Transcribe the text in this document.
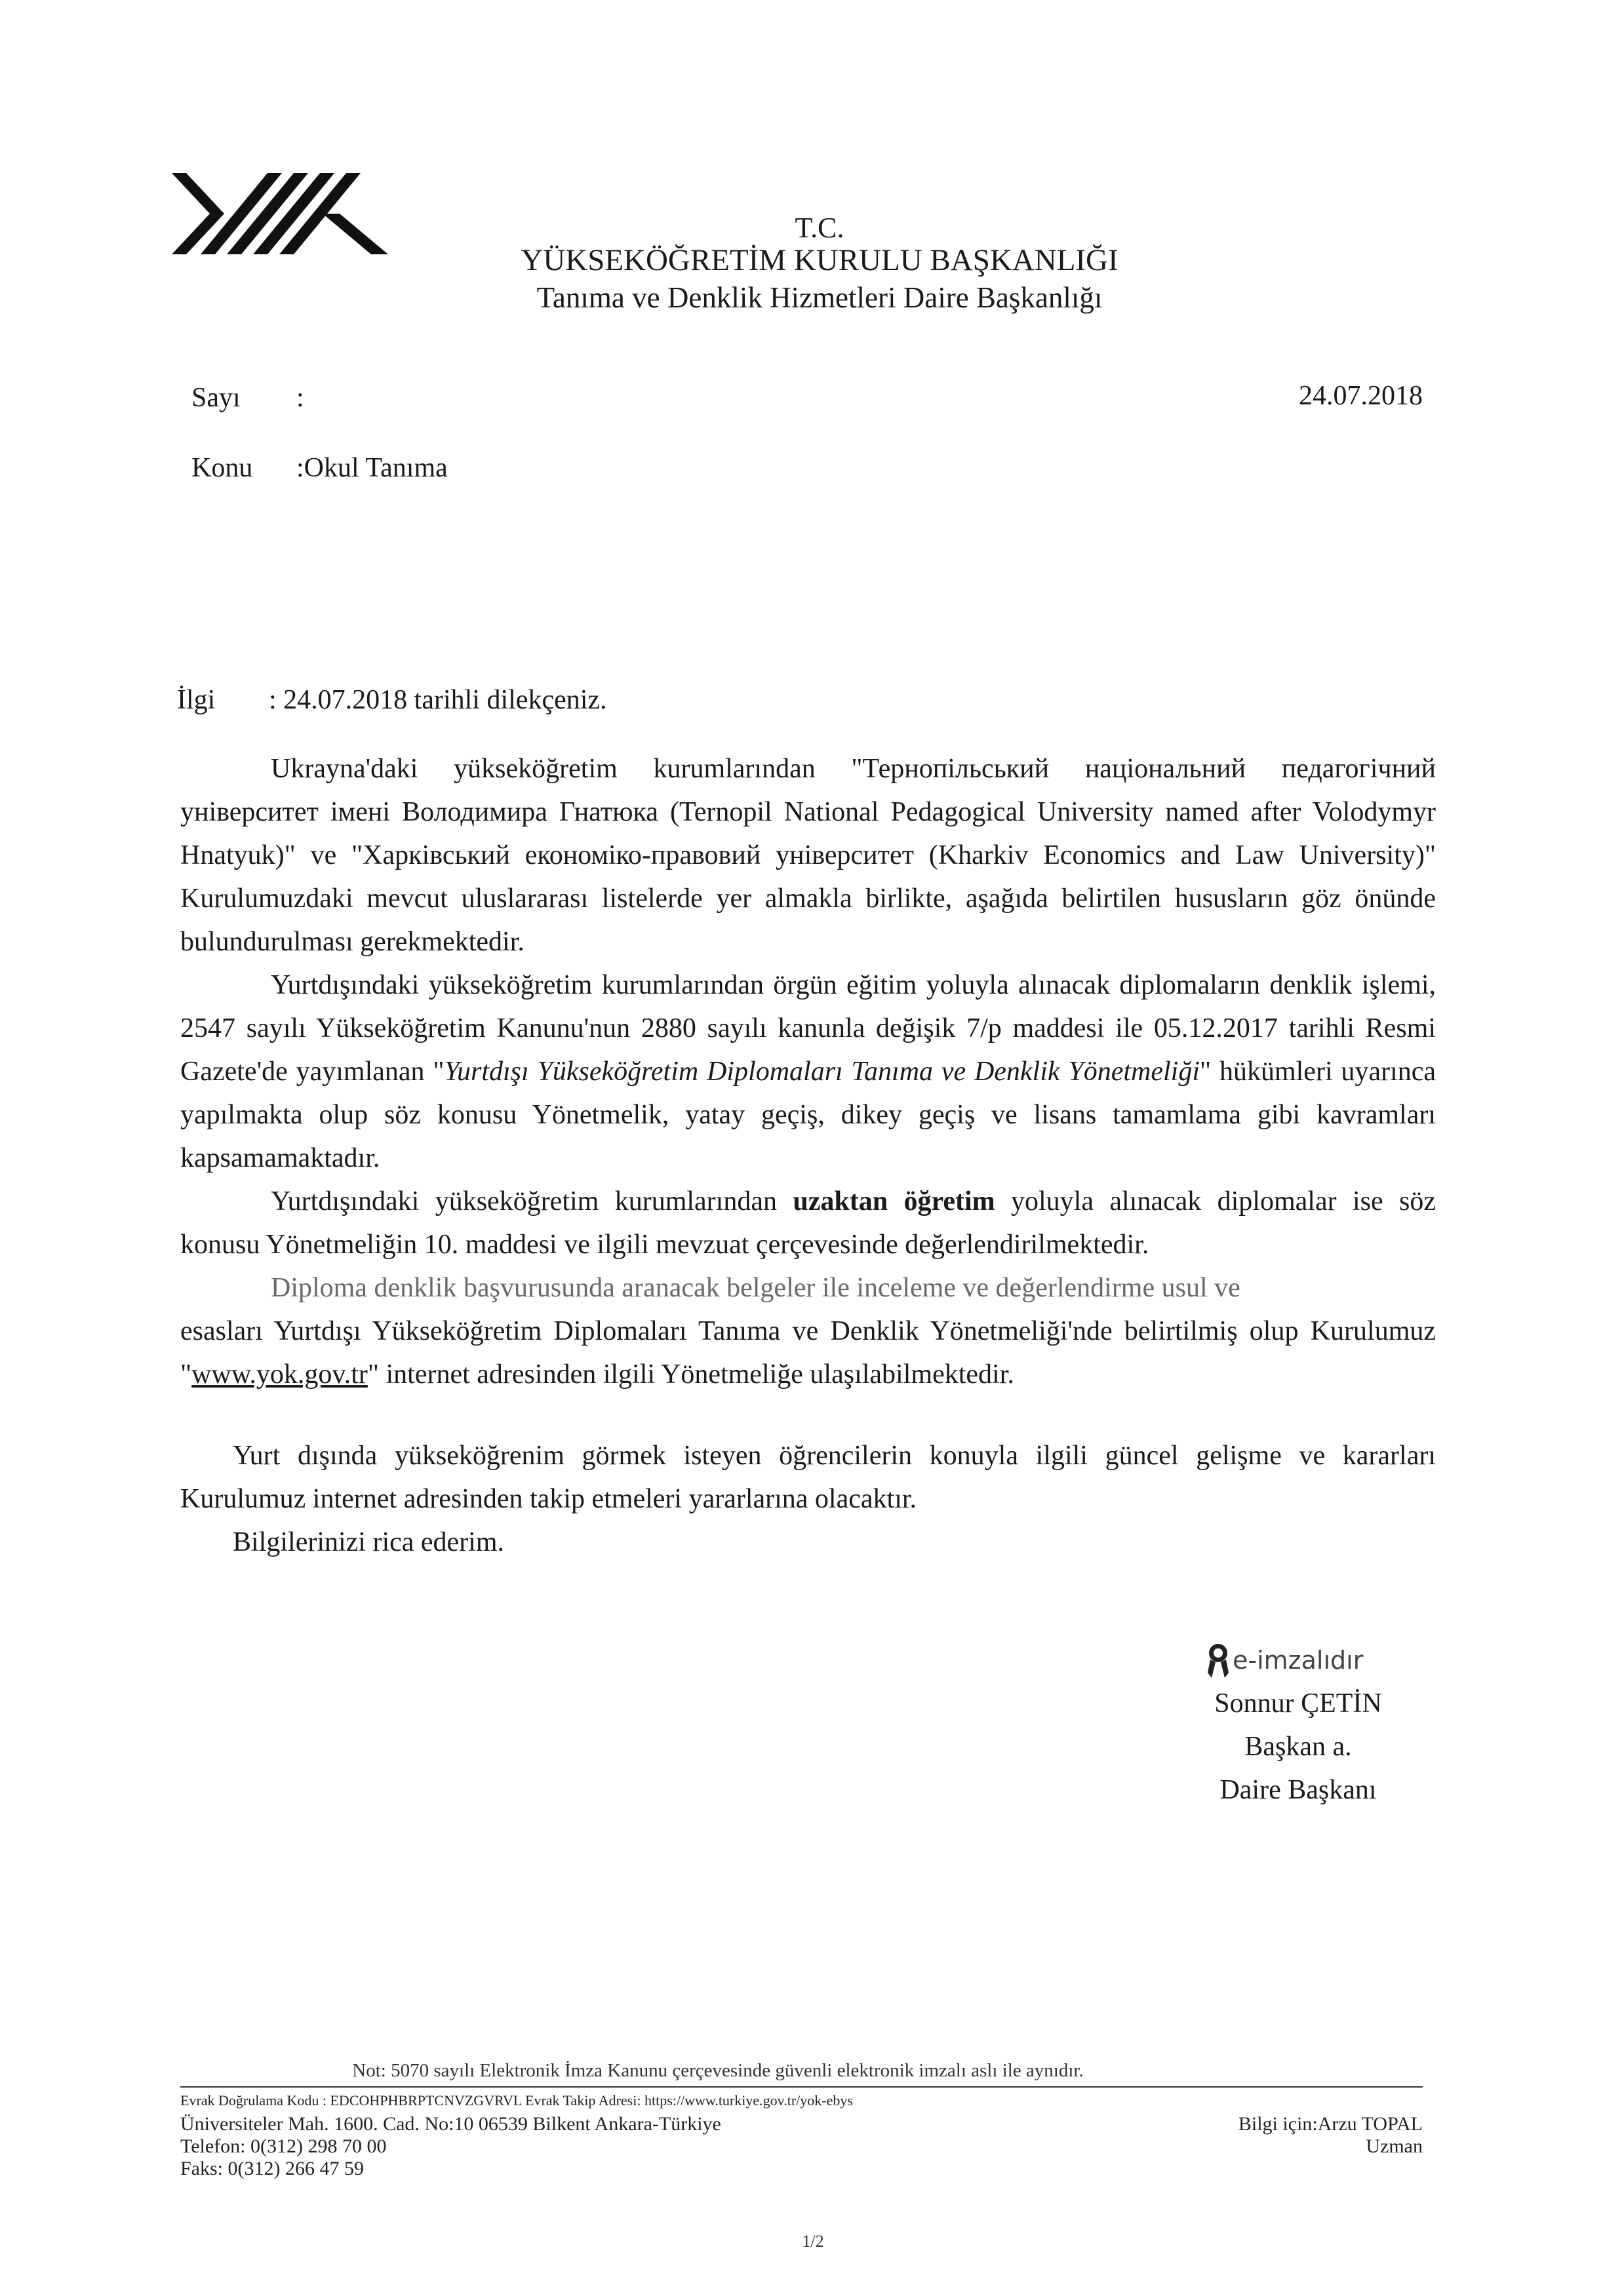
T.C.
YÜKSEKÖĞRETİM KURULU BAŞKANLIĞI
Tanıma ve Denklik Hizmetleri Daire Başkanlığı
Sayı :	24.07.2018
Konu :Okul Tanıma
İlgi : 24.07.2018 tarihli dilekçeniz.

Ukrayna'daki yükseköğretim kurumlarından "Тернопільський національний педагогічний університет імені Володимира Гнатюка (Ternopil National Pedagogical University named after Volodymyr Hnatyuk)" ve "Харківський економіко-правовий університет (Kharkiv Economics and Law University)" Kurulumuzdaki mevcut uluslararası listelerde yer almakla birlikte, aşağıda belirtilen hususların göz önünde bulundurulması gerekmektedir.

Yurtdışındaki yükseköğretim kurumlarından örgün eğitim yoluyla alınacak diplomaların denklik işlemi, 2547 sayılı Yükseköğretim Kanunu'nun 2880 sayılı kanunla değişik 7/p maddesi ile 05.12.2017 tarihli Resmi Gazete'de yayımlanan "Yurtdışı Yükseköğretim Diplomaları Tanıma ve Denklik Yönetmeliği" hükümleri uyarınca yapılmakta olup söz konusu Yönetmelik, yatay geçiş, dikey geçiş ve lisans tamamlama gibi kavramları kapsamamaktadır.

Yurtdışındaki yükseköğretim kurumlarından uzaktan öğretim yoluyla alınacak diplomalar ise söz konusu Yönetmeliğin 10. maddesi ve ilgili mevzuat çerçevesinde değerlendirilmektedir.

Diploma denklik başvurusunda aranacak belgeler ile inceleme ve değerlendirme usul ve

esasları Yurtdışı Yükseköğretim Diplomaları Tanıma ve Denklik Yönetmeliği'nde belirtilmiş olup Kurulumuz "www.yok.gov.tr" internet adresinden ilgili Yönetmeliğe ulaşılabilmektedir.

Yurt dışında yükseköğrenim görmek isteyen öğrencilerin konuyla ilgili güncel gelişme ve kararları Kurulumuz internet adresinden takip etmeleri yararlarına olacaktır.

Bilgilerinizi rica ederim.

e-imzalıdır
Sonnur ÇETİN
Başkan a.
Daire Başkanı
Not: 5070 sayılı Elektronik İmza Kanunu çerçevesinde güvenli elektronik imzalı aslı ile aynıdır.
Evrak Doğrulama Kodu : EDCOHPHBRPTCNVZGVRVL Evrak Takip Adresi: https://www.turkiye.gov.tr/yok-ebys
Üniversiteler Mah. 1600. Cad. No:10 06539 Bilkent Ankara-Türkiye
Telefon: 0(312) 298 70 00
Faks: 0(312) 266 47 59
Bilgi için:Arzu TOPAL
Uzman
1/2
